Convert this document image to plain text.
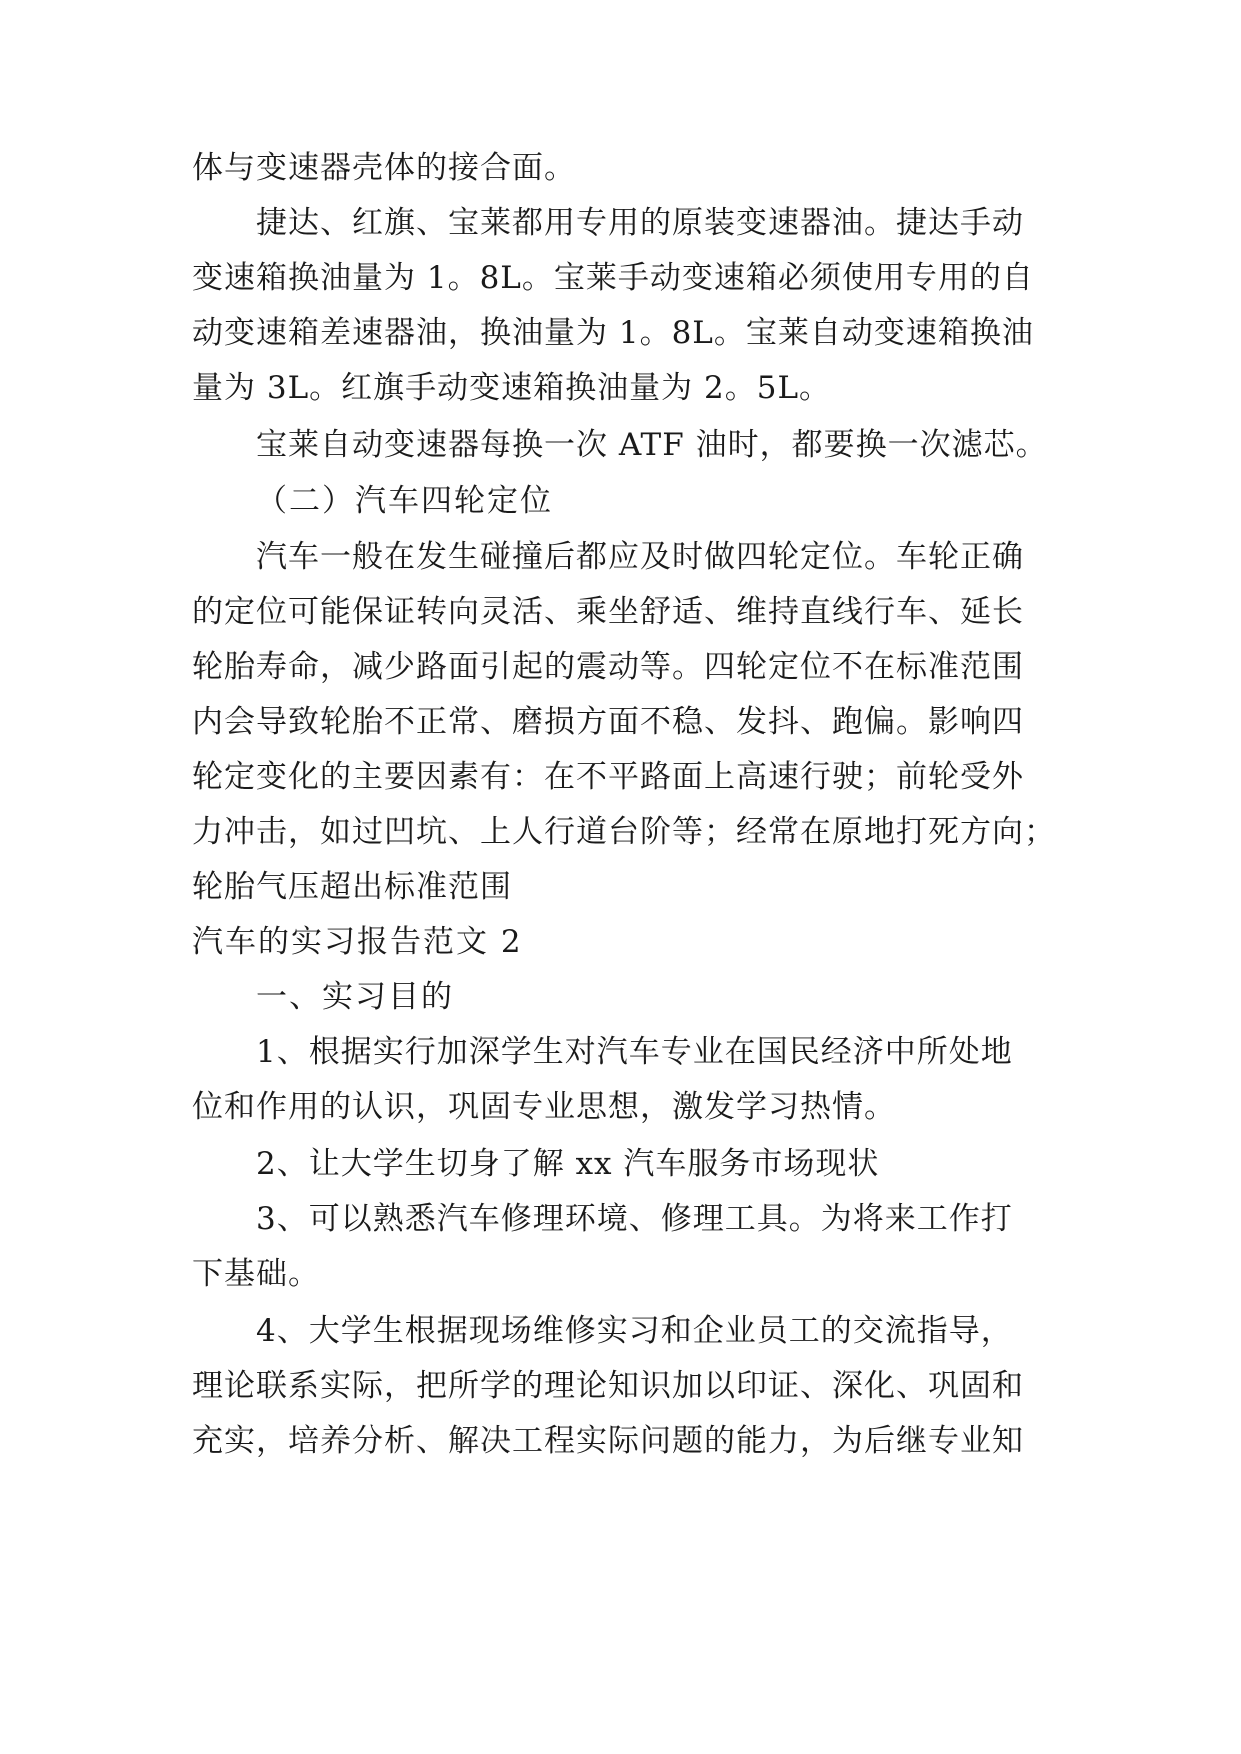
体与变速器壳体的接合面。
捷达、红旗、宝莱都用专用的原装变速器油。捷达手动
变速箱换油量为 1。8L。宝莱手动变速箱必须使用专用的自
动变速箱差速器油，换油量为 1。8L。宝莱自动变速箱换油
量为 3L。红旗手动变速箱换油量为 2。5L。
宝莱自动变速器每换一次 ATF 油时，都要换一次滤芯。
（二）汽车四轮定位
汽车一般在发生碰撞后都应及时做四轮定位。车轮正确
的定位可能保证转向灵活、乘坐舒适、维持直线行车、延长
轮胎寿命，减少路面引起的震动等。四轮定位不在标准范围
内会导致轮胎不正常、磨损方面不稳、发抖、跑偏。影响四
轮定变化的主要因素有：在不平路面上高速行驶；前轮受外
力冲击，如过凹坑、上人行道台阶等；经常在原地打死方向；
轮胎气压超出标准范围
汽车的实习报告范文 2
一、实习目的
1、根据实行加深学生对汽车专业在国民经济中所处地
位和作用的认识，巩固专业思想，激发学习热情。
2、让大学生切身了解 xx 汽车服务市场现状
3、可以熟悉汽车修理环境、修理工具。为将来工作打
下基础。
4、大学生根据现场维修实习和企业员工的交流指导，
理论联系实际，把所学的理论知识加以印证、深化、巩固和
充实，培养分析、解决工程实际问题的能力，为后继专业知
